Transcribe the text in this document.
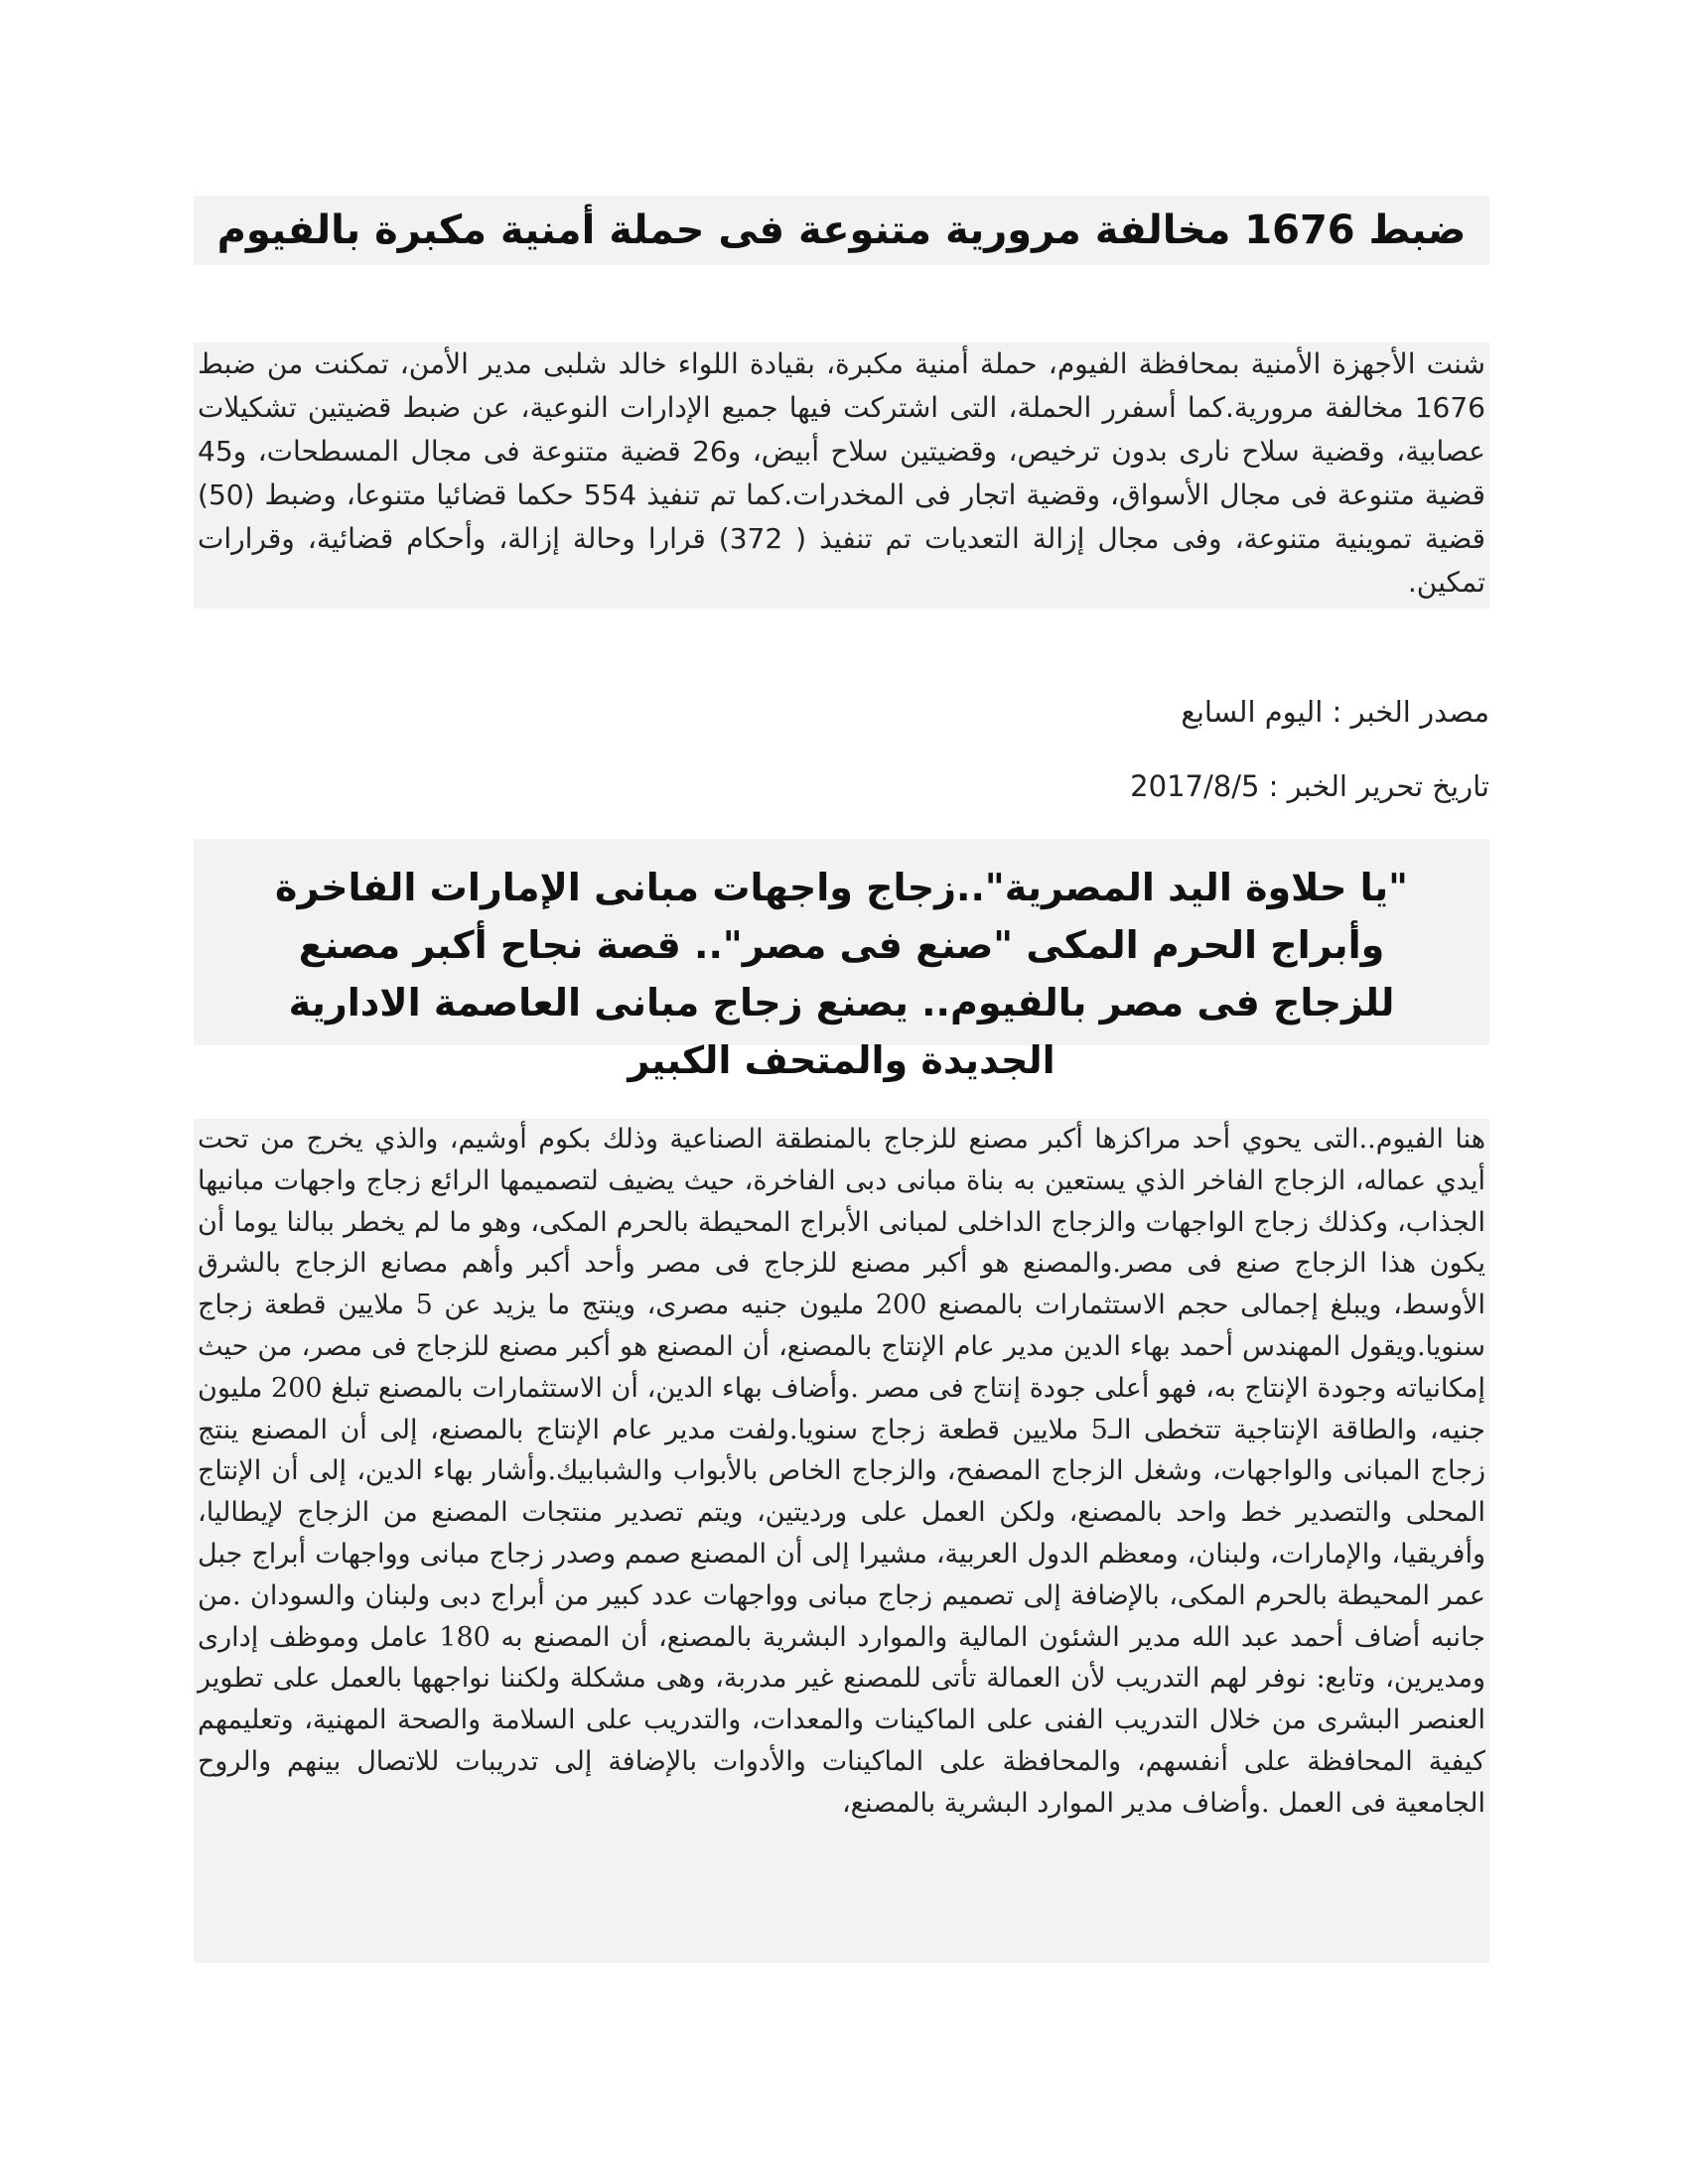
ضبط 1676 مخالفة مرورية متنوعة فى حملة أمنية مكبرة بالفيوم

شنت الأجهزة الأمنية بمحافظة الفيوم، حملة أمنية مكبرة، بقيادة اللواء خالد شلبى مدير الأمن، تمكنت من ضبط 1676 مخالفة مرورية.كما أسفرر الحملة، التى اشتركت فيها جميع الإدارات النوعية، عن ضبط قضيتين تشكيلات عصابية، وقضية سلاح نارى بدون ترخيص، وقضيتين سلاح أبيض، و26 قضية متنوعة فى مجال المسطحات، و45 قضية متنوعة فى مجال الأسواق، وقضية اتجار فى المخدرات.كما تم تنفيذ 554 حكما قضائيا متنوعا، وضبط (50) قضية تموينية متنوعة، وفى مجال إزالة التعديات تم تنفيذ ( 372) قرارا وحالة إزالة، وأحكام قضائية، وقرارات تمكين.

مصدر الخبر : اليوم السابع
تاريخ تحرير الخبر : 2017/8/5
"يا حلاوة اليد المصرية"..زجاج واجهات مبانى الإمارات الفاخرة وأبراج الحرم المكى "صنع فى مصر".. قصة نجاح أكبر مصنع للزجاج فى مصر بالفيوم.. يصنع زجاج مبانى العاصمة الادارية الجديدة والمتحف الكبير

هنا الفيوم..التى يحوي أحد مراكزها أكبر مصنع للزجاج بالمنطقة الصناعية وذلك بكوم أوشيم، والذي يخرج من تحت أيدي عماله، الزجاج الفاخر الذي يستعين به بناة مبانى دبى الفاخرة، حيث يضيف لتصميمها الرائع زجاج واجهات مبانيها الجذاب، وكذلك زجاج الواجهات والزجاج الداخلى لمبانى الأبراج المحيطة بالحرم المكى، وهو ما لم يخطر ببالنا يوما أن يكون هذا الزجاج صنع فى مصر.والمصنع هو أكبر مصنع للزجاج فى مصر وأحد أكبر وأهم مصانع الزجاج بالشرق الأوسط، ويبلغ إجمالى حجم الاستثمارات بالمصنع 200 مليون جنيه مصرى، وينتج ما يزيد عن 5 ملايين قطعة زجاج سنويا.ويقول المهندس أحمد بهاء الدين مدير عام الإنتاج بالمصنع، أن المصنع هو أكبر مصنع للزجاج فى مصر، من حيث إمكانياته وجودة الإنتاج به، فهو أعلى جودة إنتاج فى مصر .وأضاف بهاء الدين، أن الاستثمارات بالمصنع تبلغ 200 مليون جنيه، والطاقة الإنتاجية تتخطى الـ5 ملايين قطعة زجاج سنويا.ولفت مدير عام الإنتاج بالمصنع، إلى أن المصنع ينتج زجاج المبانى والواجهات، وشغل الزجاج المصفح، والزجاج الخاص بالأبواب والشبابيك.وأشار بهاء الدين، إلى أن الإنتاج المحلى والتصدير خط واحد بالمصنع، ولكن العمل على ورديتين، ويتم تصدير منتجات المصنع من الزجاج لإيطاليا، وأفريقيا، والإمارات، ولبنان، ومعظم الدول العربية، مشيرا إلى أن المصنع صمم وصدر زجاج مبانى وواجهات أبراج جبل عمر المحيطة بالحرم المكى، بالإضافة إلى تصميم زجاج مبانى وواجهات عدد كبير من أبراج دبى ولبنان والسودان .من جانبه أضاف أحمد عبد الله مدير الشئون المالية والموارد البشرية بالمصنع، أن المصنع به 180 عامل وموظف إدارى ومديرين، وتابع: نوفر لهم التدريب لأن العمالة تأتى للمصنع غير مدربة، وهى مشكلة ولكننا نواجهها بالعمل على تطوير العنصر البشرى من خلال التدريب الفنى على الماكينات والمعدات، والتدريب على السلامة والصحة المهنية، وتعليمهم كيفية المحافظة على أنفسهم، والمحافظة على الماكينات والأدوات بالإضافة إلى تدريبات للاتصال بينهم والروح الجامعية فى العمل .وأضاف مدير الموارد البشرية بالمصنع،
